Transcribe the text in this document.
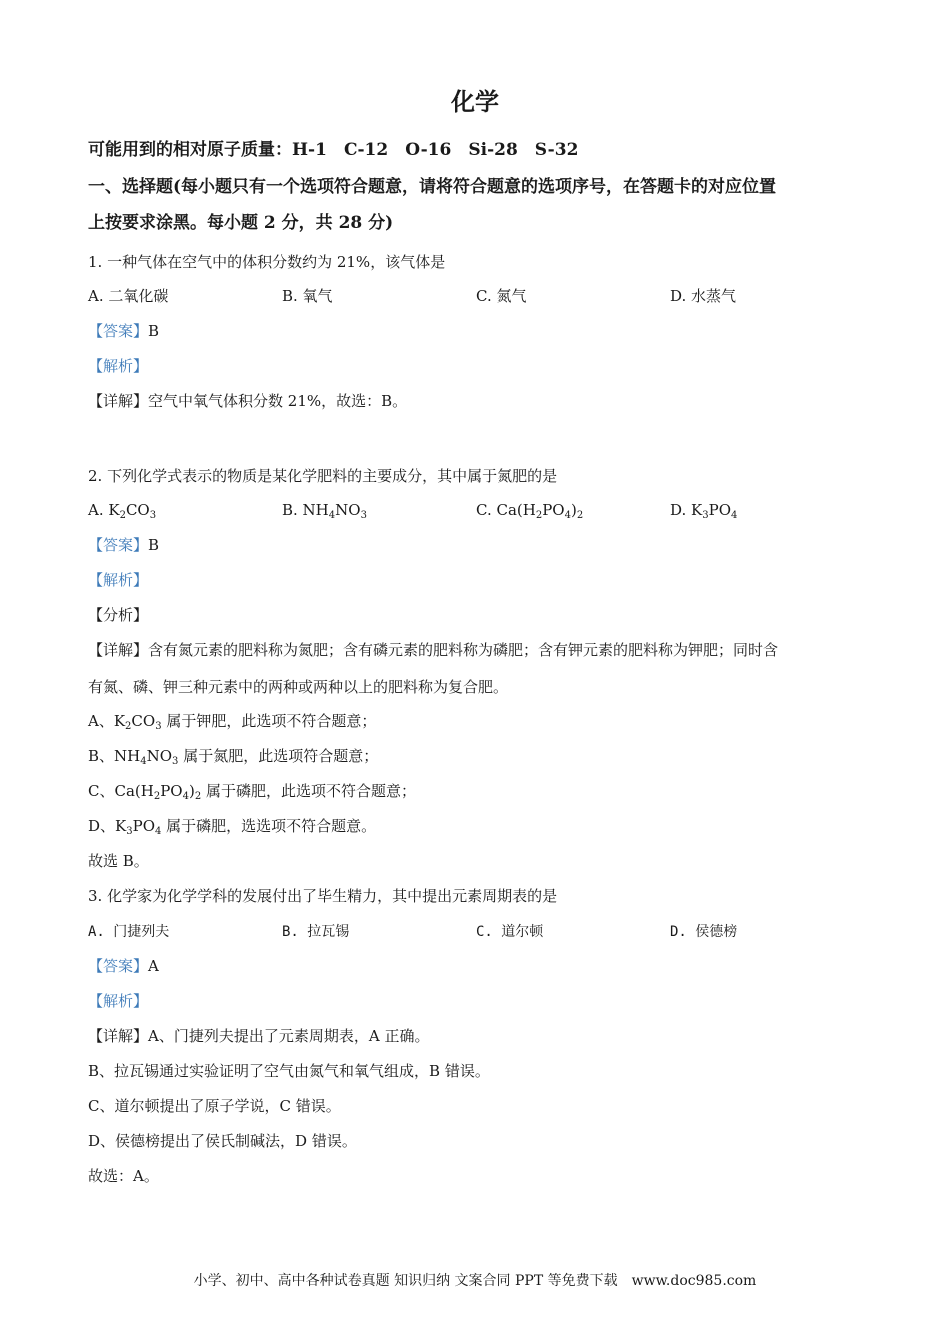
化学
可能用到的相对原子质量：H-1　C-12　O-16　Si-28　S-32
一、选择题(每小题只有一个选项符合题意，请将符合题意的选项序号，在答题卡的对应位置
上按要求涂黑。每小题 2 分，共 28 分)
1. 一种气体在空气中的体积分数约为 21%，该气体是
A. 二氧化碳	B. 氧气	C. 氮气	D. 水蒸气
【答案】B
【解析】
【详解】空气中氧气体积分数 21%，故选：B。
2. 下列化学式表示的物质是某化学肥料的主要成分，其中属于氮肥的是
A. $K_2CO_3$	B. $NH_4NO_3$	C. $Ca(H_2PO_4)_2$	D. $K_3PO_4$
【答案】B
【解析】
【分析】
【详解】含有氮元素的肥料称为氮肥；含有磷元素的肥料称为磷肥；含有钾元素的肥料称为钾肥；同时含
有氮、磷、钾三种元素中的两种或两种以上的肥料称为复合肥。
A、$K_2CO_3$ 属于钾肥，此选项不符合题意；
B、$NH_4NO_3$ 属于氮肥，此选项符合题意；
C、$Ca(H_2PO_4)_2$ 属于磷肥，此选项不符合题意；
D、$K_3PO_4$ 属于磷肥，选选项不符合题意。
故选 B。
3. 化学家为化学学科的发展付出了毕生精力，其中提出元素周期表的是
A. 门捷列夫	B. 拉瓦锡	C. 道尔顿	D. 侯德榜
【答案】A
【解析】
【详解】A、门捷列夫提出了元素周期表，A 正确。
B、拉瓦锡通过实验证明了空气由氮气和氧气组成，B 错误。
C、道尔顿提出了原子学说，C 错误。
D、侯德榜提出了侯氏制碱法，D 错误。
故选：A。
小学、初中、高中各种试卷真题 知识归纳 文案合同 PPT 等免费下载　www.doc985.com
